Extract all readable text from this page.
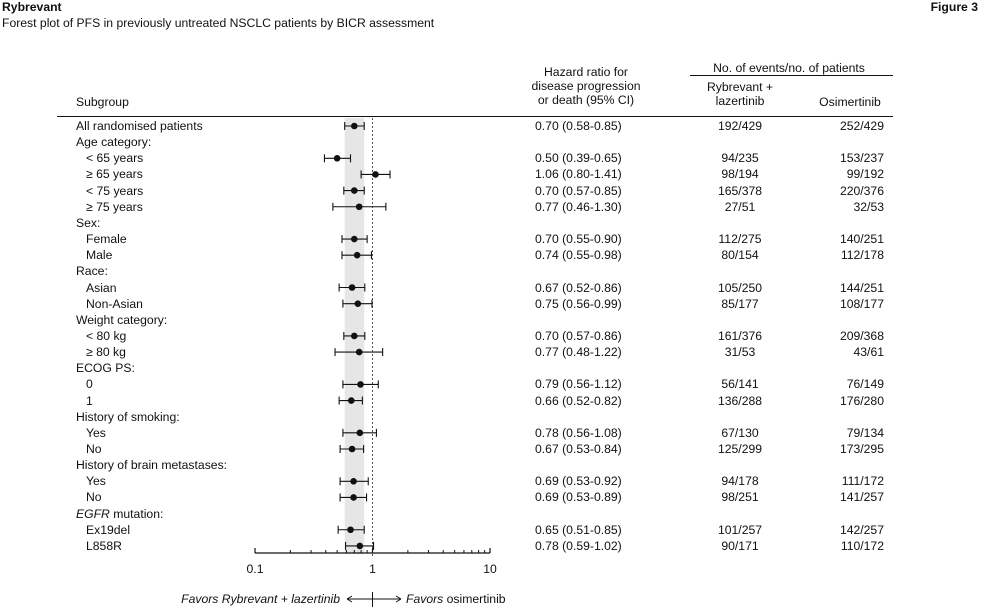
Rybrevant	Figure 3
Forest plot of PFS in previously untreated NSCLC patients by BICR assessment
Subgroup
Hazard ratio for
disease progression
or death (95% CI)
No. of events/no. of patients
Rybrevant +
lazertinib	Osimertinib
All randomised patients	0.70 (0.58-0.85)	192/429	252/429
Age category:
< 65 years	0.50 (0.39-0.65)	94/235	153/237
≥ 65 years	1.06 (0.80-1.41)	98/194	99/192
< 75 years	0.70 (0.57-0.85)	165/378	220/376
≥ 75 years	0.77 (0.46-1.30)	27/51	32/53
Sex:
Female	0.70 (0.55-0.90)	112/275	140/251
Male	0.74 (0.55-0.98)	80/154	112/178
Race:
Asian	0.67 (0.52-0.86)	105/250	144/251
Non-Asian	0.75 (0.56-0.99)	85/177	108/177
Weight category:
< 80 kg	0.70 (0.57-0.86)	161/376	209/368
≥ 80 kg	0.77 (0.48-1.22)	31/53	43/61
ECOG PS:
0	0.79 (0.56-1.12)	56/141	76/149
1	0.66 (0.52-0.82)	136/288	176/280
History of smoking:
Yes	0.78 (0.56-1.08)	67/130	79/134
No	0.67 (0.53-0.84)	125/299	173/295
History of brain metastases:
Yes	0.69 (0.53-0.92)	94/178	111/172
No	0.69 (0.53-0.89)	98/251	141/257
EGFR mutation:
Ex19del	0.65 (0.51-0.85)	101/257	142/257
L858R	0.78 (0.59-1.02)	90/171	110/172
0.1	1	10
Favors Rybrevant + lazertinib	Favors osimertinib
